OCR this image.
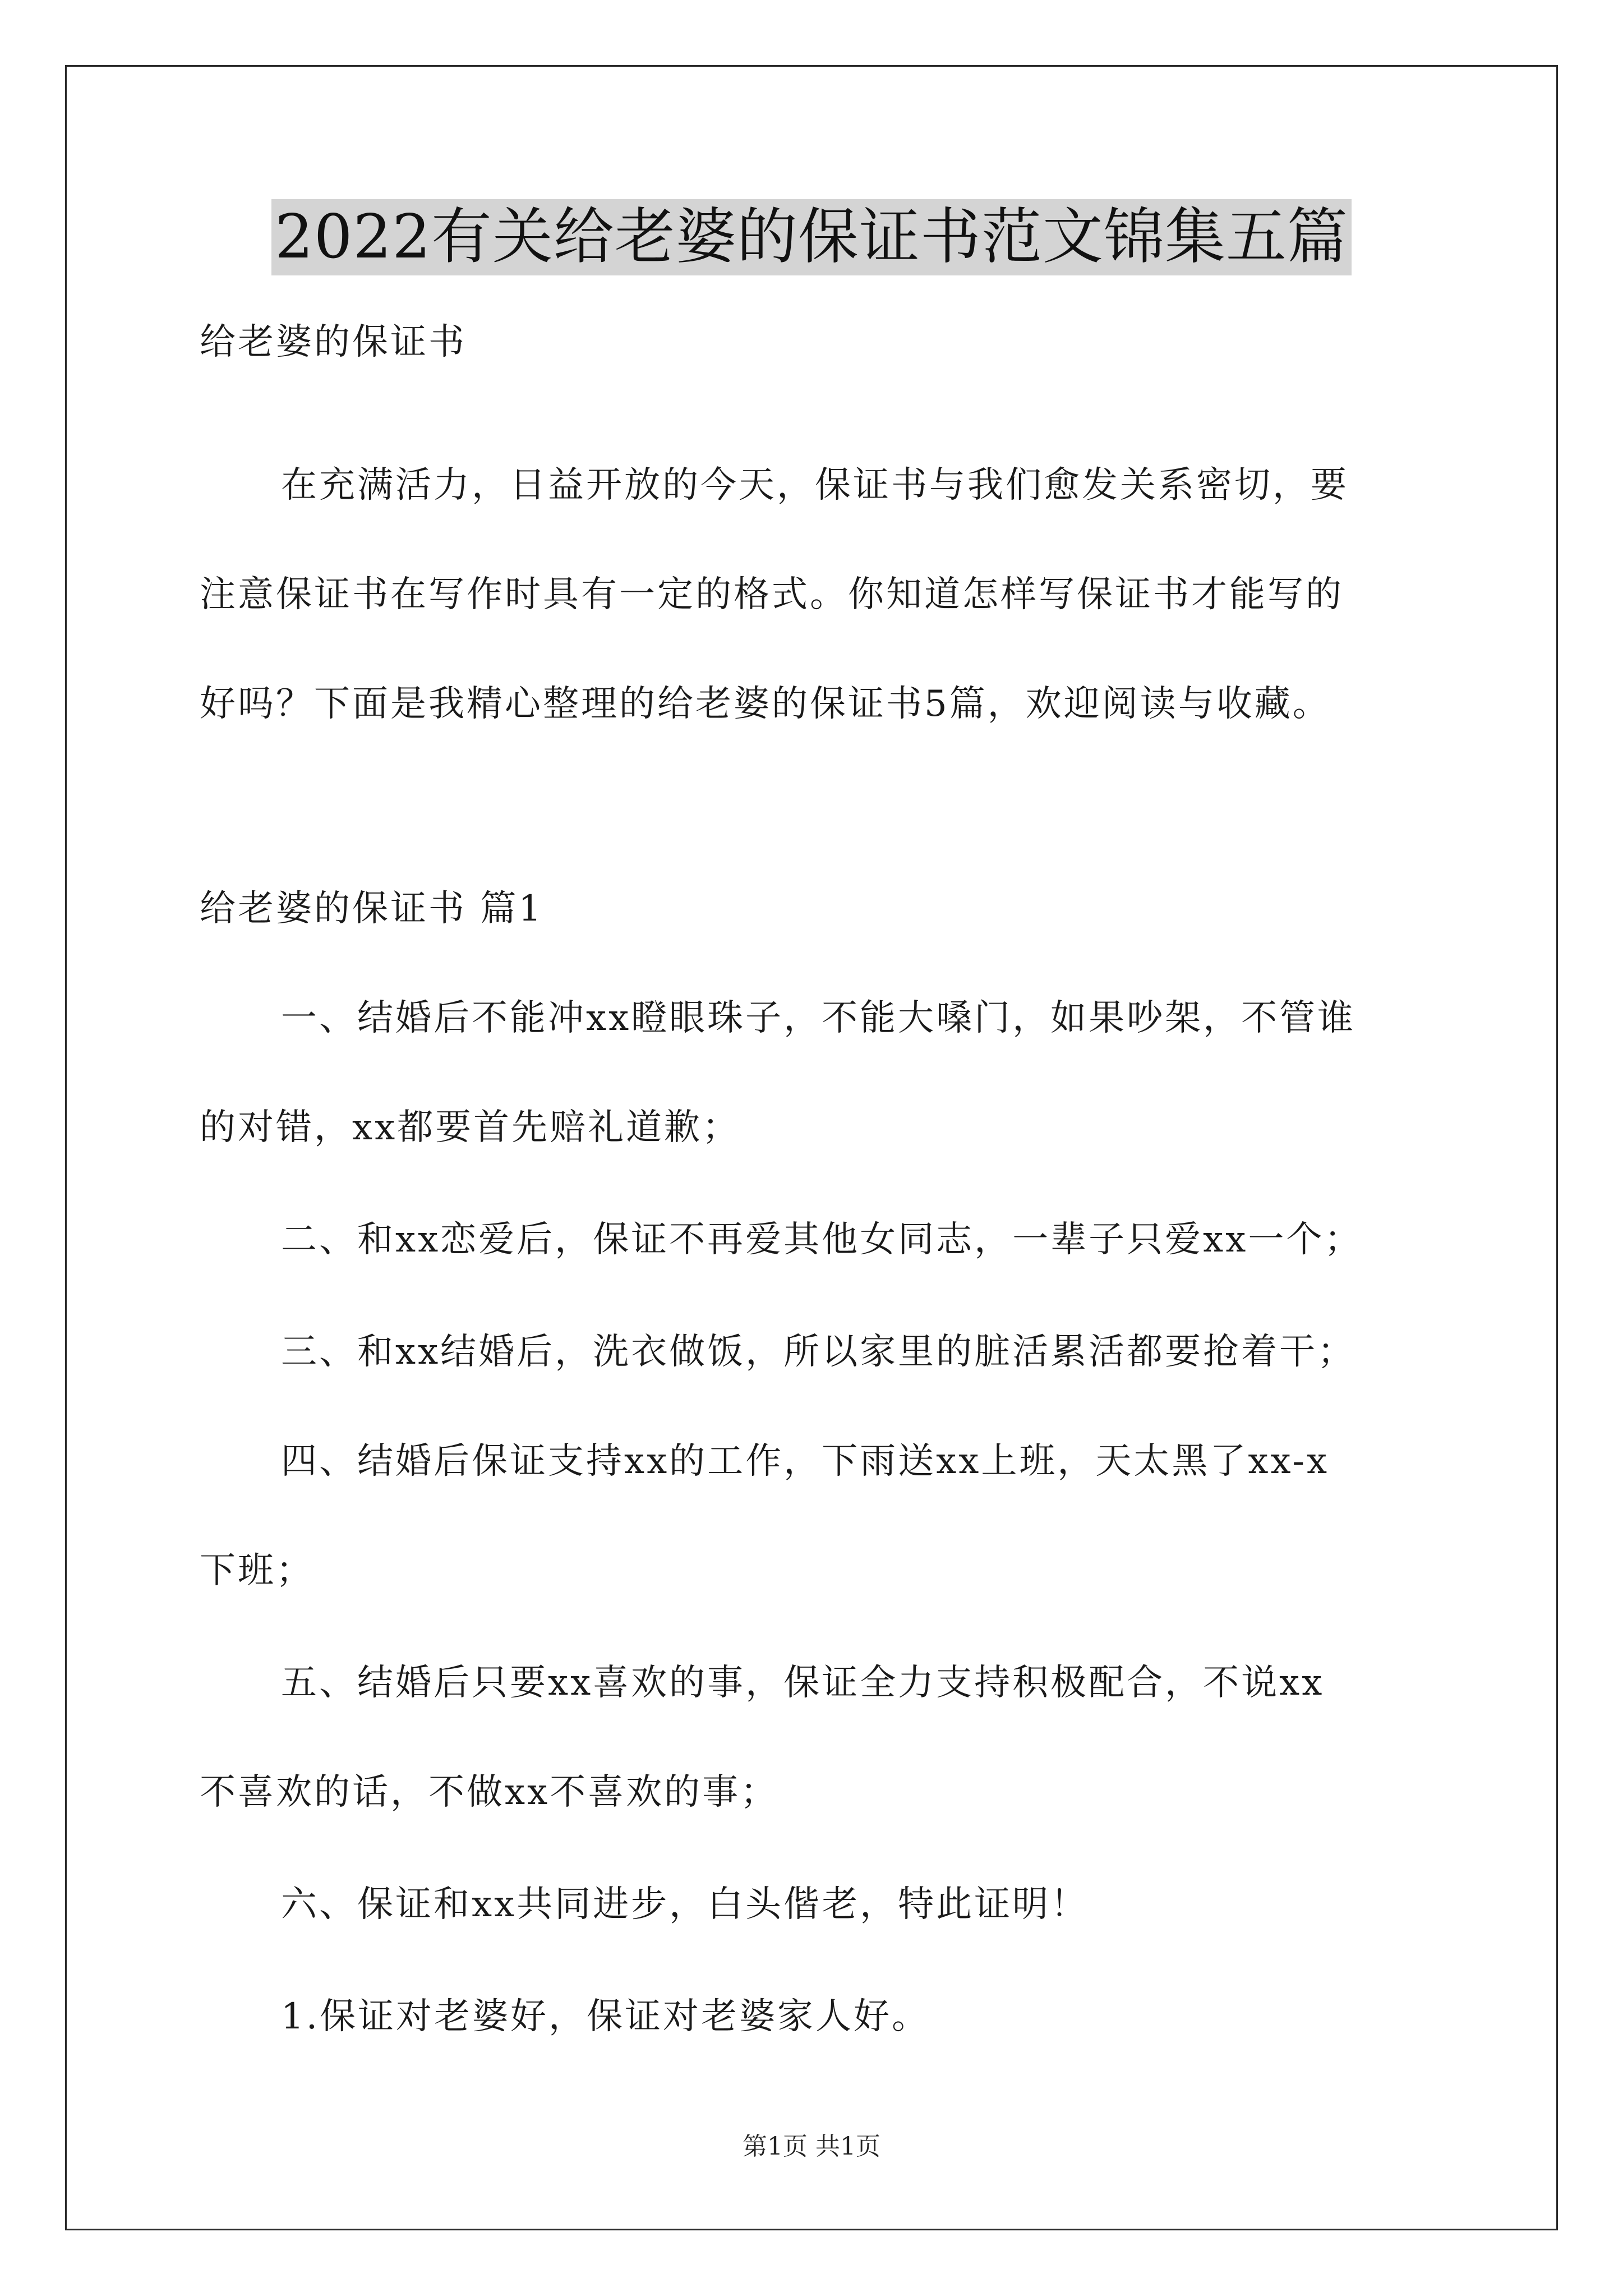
2022有关给老婆的保证书范文锦集五篇

给老婆的保证书

在充满活力，日益开放的今天，保证书与我们愈发关系密切，要

注意保证书在写作时具有一定的格式。你知道怎样写保证书才能写的

好吗？下面是我精心整理的给老婆的保证书5篇，欢迎阅读与收藏。

给老婆的保证书 篇1

一、结婚后不能冲xx瞪眼珠子，不能大嗓门，如果吵架，不管谁

的对错，xx都要首先赔礼道歉；

二、和xx恋爱后，保证不再爱其他女同志，一辈子只爱xx一个；

三、和xx结婚后，洗衣做饭，所以家里的脏活累活都要抢着干；

四、结婚后保证支持xx的工作，下雨送xx上班，天太黑了xx-x

下班；

五、结婚后只要xx喜欢的事，保证全力支持积极配合，不说xx

不喜欢的话，不做xx不喜欢的事；

六、保证和xx共同进步，白头偕老，特此证明！

1.保证对老婆好，保证对老婆家人好。

第1页 共1页
